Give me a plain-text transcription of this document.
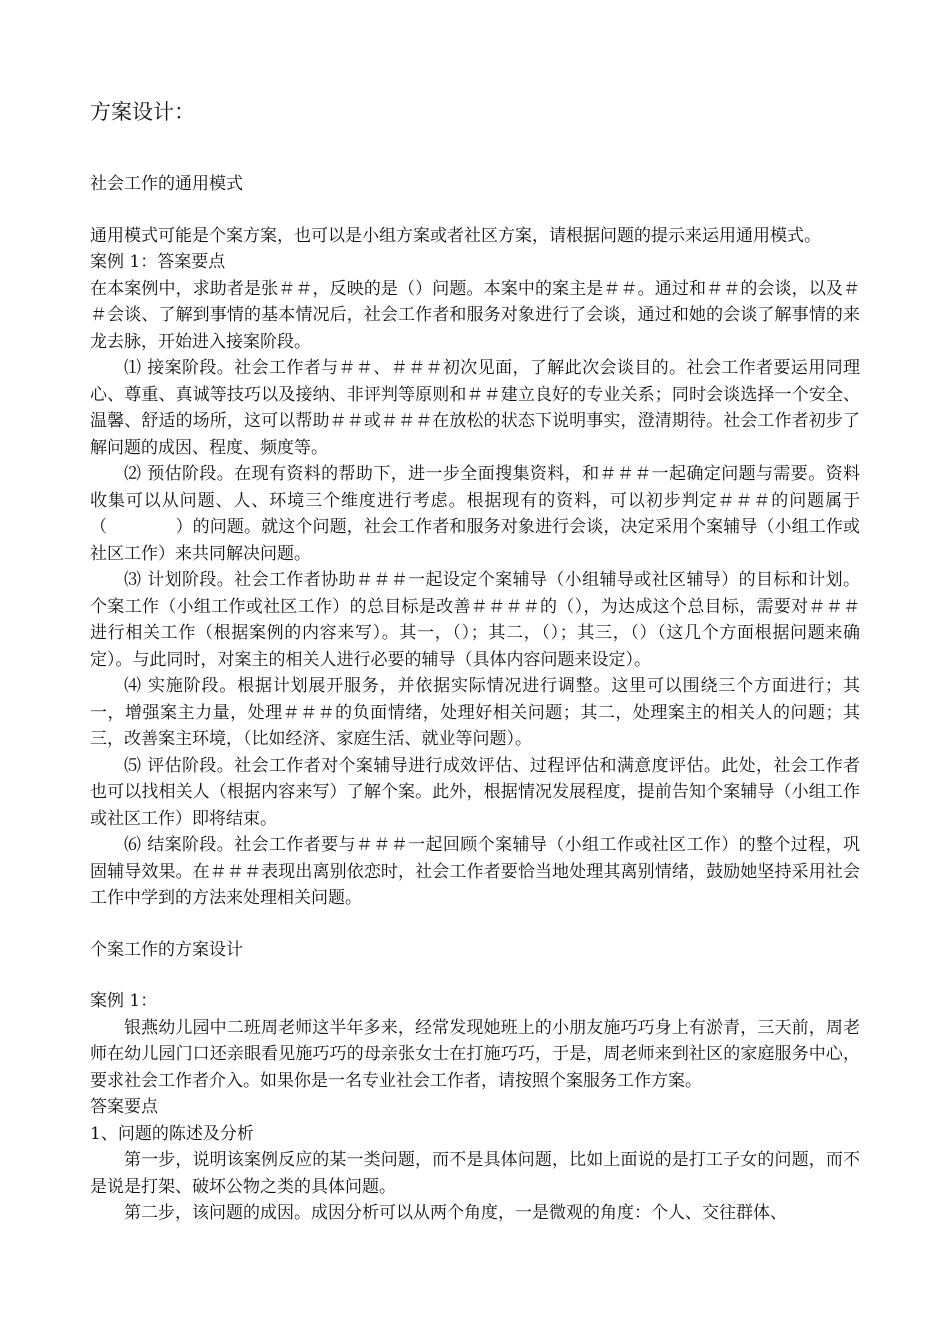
方案设计：

社会工作的通用模式

通用模式可能是个案方案，也可以是小组方案或者社区方案，请根据问题的提示来运用通用模式。

案例 1：答案要点

在本案例中，求助者是张＃＃，反映的是（）问题。本案中的案主是＃＃。通过和＃＃的会谈，以及＃＃会谈、了解到事情的基本情况后，社会工作者和服务对象进行了会谈，通过和她的会谈了解事情的来龙去脉，开始进入接案阶段。

⑴ 接案阶段。社会工作者与＃＃、＃＃＃初次见面，了解此次会谈目的。社会工作者要运用同理心、尊重、真诚等技巧以及接纳、非评判等原则和＃＃建立良好的专业关系；同时会谈选择一个安全、温馨、舒适的场所，这可以帮助＃＃或＃＃＃在放松的状态下说明事实，澄清期待。社会工作者初步了解问题的成因、程度、频度等。

⑵ 预估阶段。在现有资料的帮助下，进一步全面搜集资料，和＃＃＃一起确定问题与需要。资料收集可以从问题、人、环境三个维度进行考虑。根据现有的资料，可以初步判定＃＃＃的问题属于（　　　　）的问题。就这个问题，社会工作者和服务对象进行会谈，决定采用个案辅导（小组工作或社区工作）来共同解决问题。

⑶ 计划阶段。社会工作者协助＃＃＃一起设定个案辅导（小组辅导或社区辅导）的目标和计划。个案工作（小组工作或社区工作）的总目标是改善＃＃＃＃的（），为达成这个总目标，需要对＃＃＃进行相关工作（根据案例的内容来写）。其一，（）；其二，（）；其三，（）（这几个方面根据问题来确定）。与此同时，对案主的相关人进行必要的辅导（具体内容问题来设定）。

⑷ 实施阶段。根据计划展开服务，并依据实际情况进行调整。这里可以围绕三个方面进行；其一，增强案主力量，处理＃＃＃的负面情绪，处理好相关问题；其二，处理案主的相关人的问题；其三，改善案主环境，（比如经济、家庭生活、就业等问题）。

⑸ 评估阶段。社会工作者对个案辅导进行成效评估、过程评估和满意度评估。此处，社会工作者也可以找相关人（根据内容来写）了解个案。此外，根据情况发展程度，提前告知个案辅导（小组工作或社区工作）即将结束。

⑹ 结案阶段。社会工作者要与＃＃＃一起回顾个案辅导（小组工作或社区工作）的整个过程，巩固辅导效果。在＃＃＃表现出离别依恋时，社会工作者要恰当地处理其离别情绪，鼓励她坚持采用社会工作中学到的方法来处理相关问题。

个案工作的方案设计

案例 1：

银燕幼儿园中二班周老师这半年多来，经常发现她班上的小朋友施巧巧身上有淤青，三天前，周老师在幼儿园门口还亲眼看见施巧巧的母亲张女士在打施巧巧，于是，周老师来到社区的家庭服务中心，要求社会工作者介入。如果你是一名专业社会工作者，请按照个案服务工作方案。

答案要点

1、问题的陈述及分析

第一步，说明该案例反应的某一类问题，而不是具体问题，比如上面说的是打工子女的问题，而不是说是打架、破坏公物之类的具体问题。

第二步，该问题的成因。成因分析可以从两个角度，一是微观的角度：个人、交往群体、
